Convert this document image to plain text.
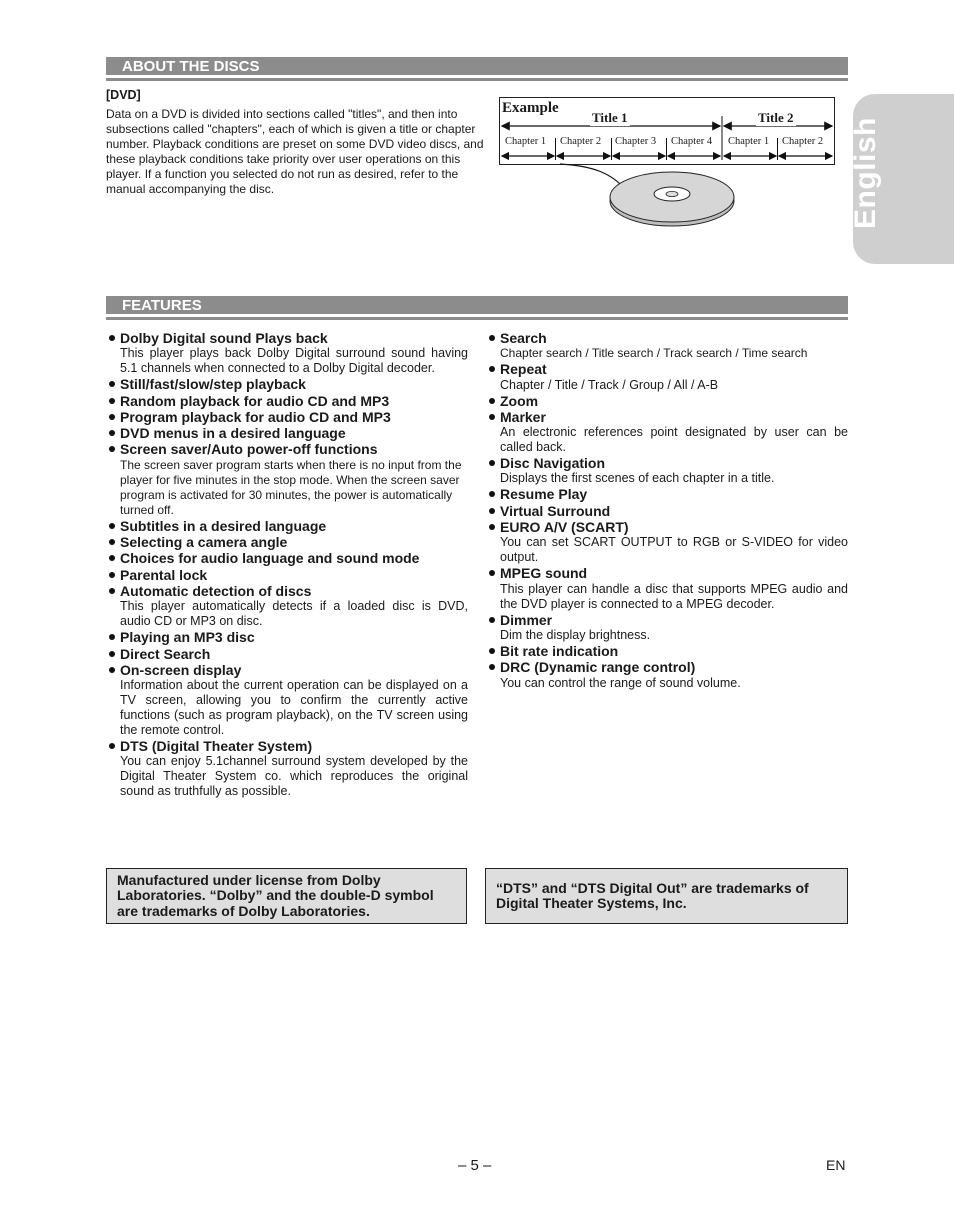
English
ABOUT THE DISCS
[DVD]
Data on a DVD is divided into sections called "titles", and then into subsections called "chapters", each of which is given a title or chapter number. Playback conditions are preset on some DVD video discs, and these playback conditions take priority over user operations on this player. If a function you selected do not run as desired, refer to the manual accompanying the disc.
Example
Title 1	Title 2
Chapter 1 Chapter 2 Chapter 3 Chapter 4 Chapter 1 Chapter 2
FEATURES
Dolby Digital sound Plays back
This player plays back Dolby Digital surround sound having 5.1 channels when connected to a Dolby Digital decoder.
Still/fast/slow/step playback
Random playback for audio CD and MP3
Program playback for audio CD and MP3
DVD menus in a desired language
Screen saver/Auto power-off functions
The screen saver program starts when there is no input from the player for five minutes in the stop mode. When the screen saver program is activated for 30 minutes, the power is automatically turned off.
Subtitles in a desired language
Selecting a camera angle
Choices for audio language and sound mode
Parental lock
Automatic detection of discs
This player automatically detects if a loaded disc is DVD, audio CD or MP3 on disc.
Playing an MP3 disc
Direct Search
On-screen display
Information about the current operation can be displayed on a TV screen, allowing you to confirm the currently active functions (such as program playback), on the TV screen using the remote control.
DTS (Digital Theater System)
You can enjoy 5.1channel surround system developed by the Digital Theater System co. which reproduces the original sound as truthfully as possible.
Search
Chapter search / Title search / Track search / Time search
Repeat
Chapter / Title / Track / Group / All / A-B
Zoom
Marker
An electronic references point designated by user can be called back.
Disc Navigation
Displays the first scenes of each chapter in a title.
Resume Play
Virtual Surround
EURO A/V (SCART)
You can set SCART OUTPUT to RGB or S-VIDEO for video output.
MPEG sound
This player can handle a disc that supports MPEG audio and the DVD player is connected to a MPEG decoder.
Dimmer
Dim the display brightness.
Bit rate indication
DRC (Dynamic range control)
You can control the range of sound volume.
Manufactured under license from Dolby Laboratories. “Dolby” and the double-D symbol are trademarks of Dolby Laboratories.
“DTS” and “DTS Digital Out” are trademarks of Digital Theater Systems, Inc.
– 5 –	EN
